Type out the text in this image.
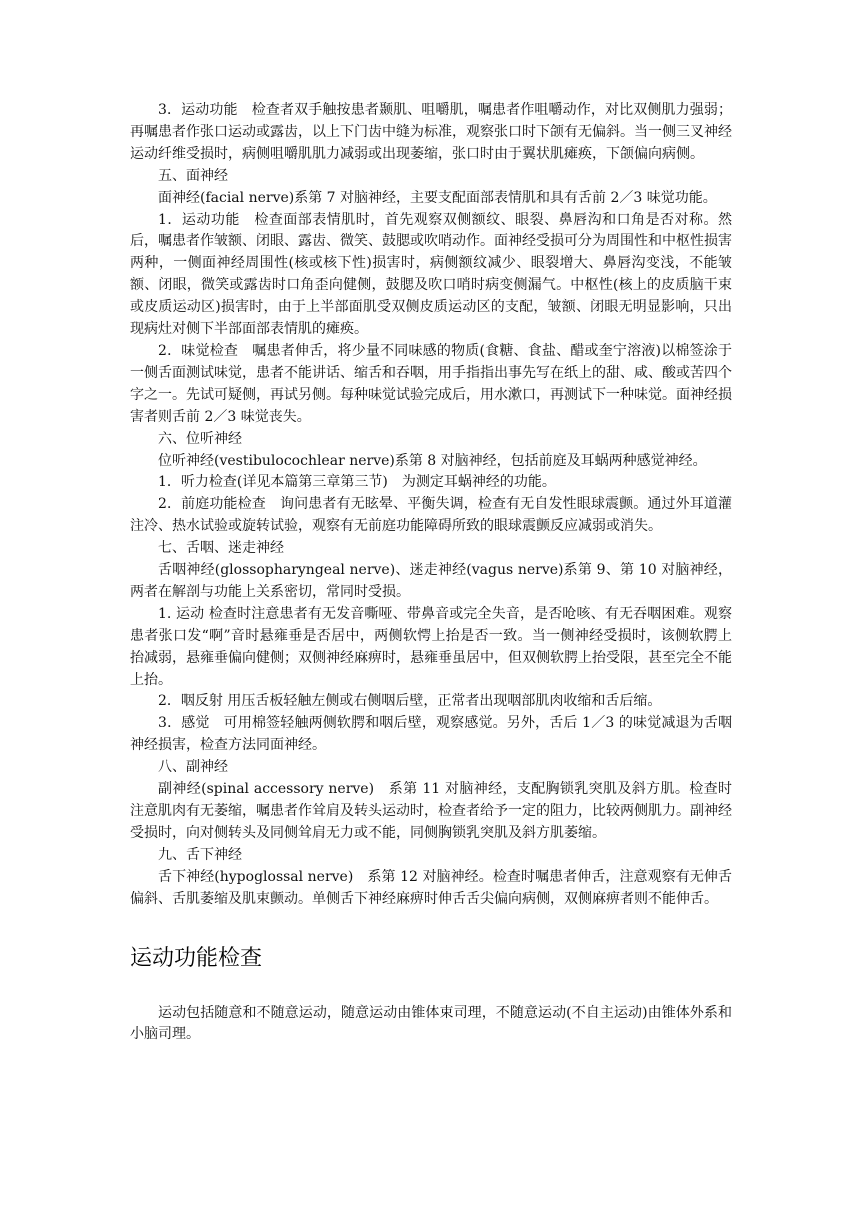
3．运动功能　检查者双手触按患者颞肌、咀嚼肌，嘱患者作咀嚼动作，对比双侧肌力强弱；再嘱患者作张口运动或露齿，以上下门齿中缝为标准，观察张口时下颌有无偏斜。当一侧三叉神经运动纤维受损时，病侧咀嚼肌肌力减弱或出现萎缩，张口时由于翼状肌瘫痪，下颌偏向病侧。

五、面神经

面神经(facial nerve)系第 7 对脑神经，主要支配面部表情肌和具有舌前 2／3 味觉功能。

1．运动功能　检查面部表情肌时，首先观察双侧额纹、眼裂、鼻唇沟和口角是否对称。然后，嘱患者作皱额、闭眼、露齿、微笑、鼓腮或吹哨动作。面神经受损可分为周围性和中枢性损害两种，一侧面神经周围性(核或核下性)损害时，病侧额纹减少、眼裂增大、鼻唇沟变浅，不能皱额、闭眼，微笑或露齿时口角歪向健侧，鼓腮及吹口哨时病变侧漏气。中枢性(核上的皮质脑干束或皮质运动区)损害时，由于上半部面肌受双侧皮质运动区的支配，皱额、闭眼无明显影响，只出现病灶对侧下半部面部表情肌的瘫痪。

2．味觉检查　嘱患者伸舌，将少量不同味感的物质(食糖、食盐、醋或奎宁溶液)以棉签涂于一侧舌面测试味觉，患者不能讲话、缩舌和吞咽，用手指指出事先写在纸上的甜、咸、酸或苦四个字之一。先试可疑侧，再试另侧。每种味觉试验完成后，用水漱口，再测试下一种味觉。面神经损害者则舌前 2／3 味觉丧失。

六、位听神经

位听神经(vestibulocochlear nerve)系第 8 对脑神经，包括前庭及耳蜗两种感觉神经。

1．听力检查(详见本篇第三章第三节)　为测定耳蜗神经的功能。

2．前庭功能检查　询问患者有无眩晕、平衡失调，检查有无自发性眼球震颤。通过外耳道灌注冷、热水试验或旋转试验，观察有无前庭功能障碍所致的眼球震颤反应减弱或消失。

七、舌咽、迷走神经

舌咽神经(glossopharyngeal nerve)、迷走神经(vagus nerve)系第 9、第 10 对脑神经，两者在解剖与功能上关系密切，常同时受损。

1. 运动 检查时注意患者有无发音嘶哑、带鼻音或完全失音，是否呛咳、有无吞咽困难。观察患者张口发“啊”音时悬雍垂是否居中，两侧软愕上抬是否一致。当一侧神经受损时，该侧软腭上抬减弱，悬雍垂偏向健侧；双侧神经麻痹时，悬雍垂虽居中，但双侧软腭上抬受限，甚至完全不能上抬。

2．咽反射 用压舌板轻触左侧或右侧咽后壁，正常者出现咽部肌肉收缩和舌后缩。

3．感觉　可用棉签轻触两侧软腭和咽后壁，观察感觉。另外，舌后 1／3 的味觉减退为舌咽神经损害，检查方法同面神经。

八、副神经

副神经(spinal accessory nerve)　系第 11 对脑神经，支配胸锁乳突肌及斜方肌。检查时注意肌肉有无萎缩，嘱患者作耸肩及转头运动时，检查者给予一定的阻力，比较两侧肌力。副神经受损时，向对侧转头及同侧耸肩无力或不能，同侧胸锁乳突肌及斜方肌萎缩。

九、舌下神经

舌下神经(hypoglossal nerve)　系第 12 对脑神经。检查时嘱患者伸舌，注意观察有无伸舌偏斜、舌肌萎缩及肌束颤动。单侧舌下神经麻痹时伸舌舌尖偏向病侧，双侧麻痹者则不能伸舌。

运动功能检查

运动包括随意和不随意运动，随意运动由锥体束司理，不随意运动(不自主运动)由锥体外系和小脑司理。
